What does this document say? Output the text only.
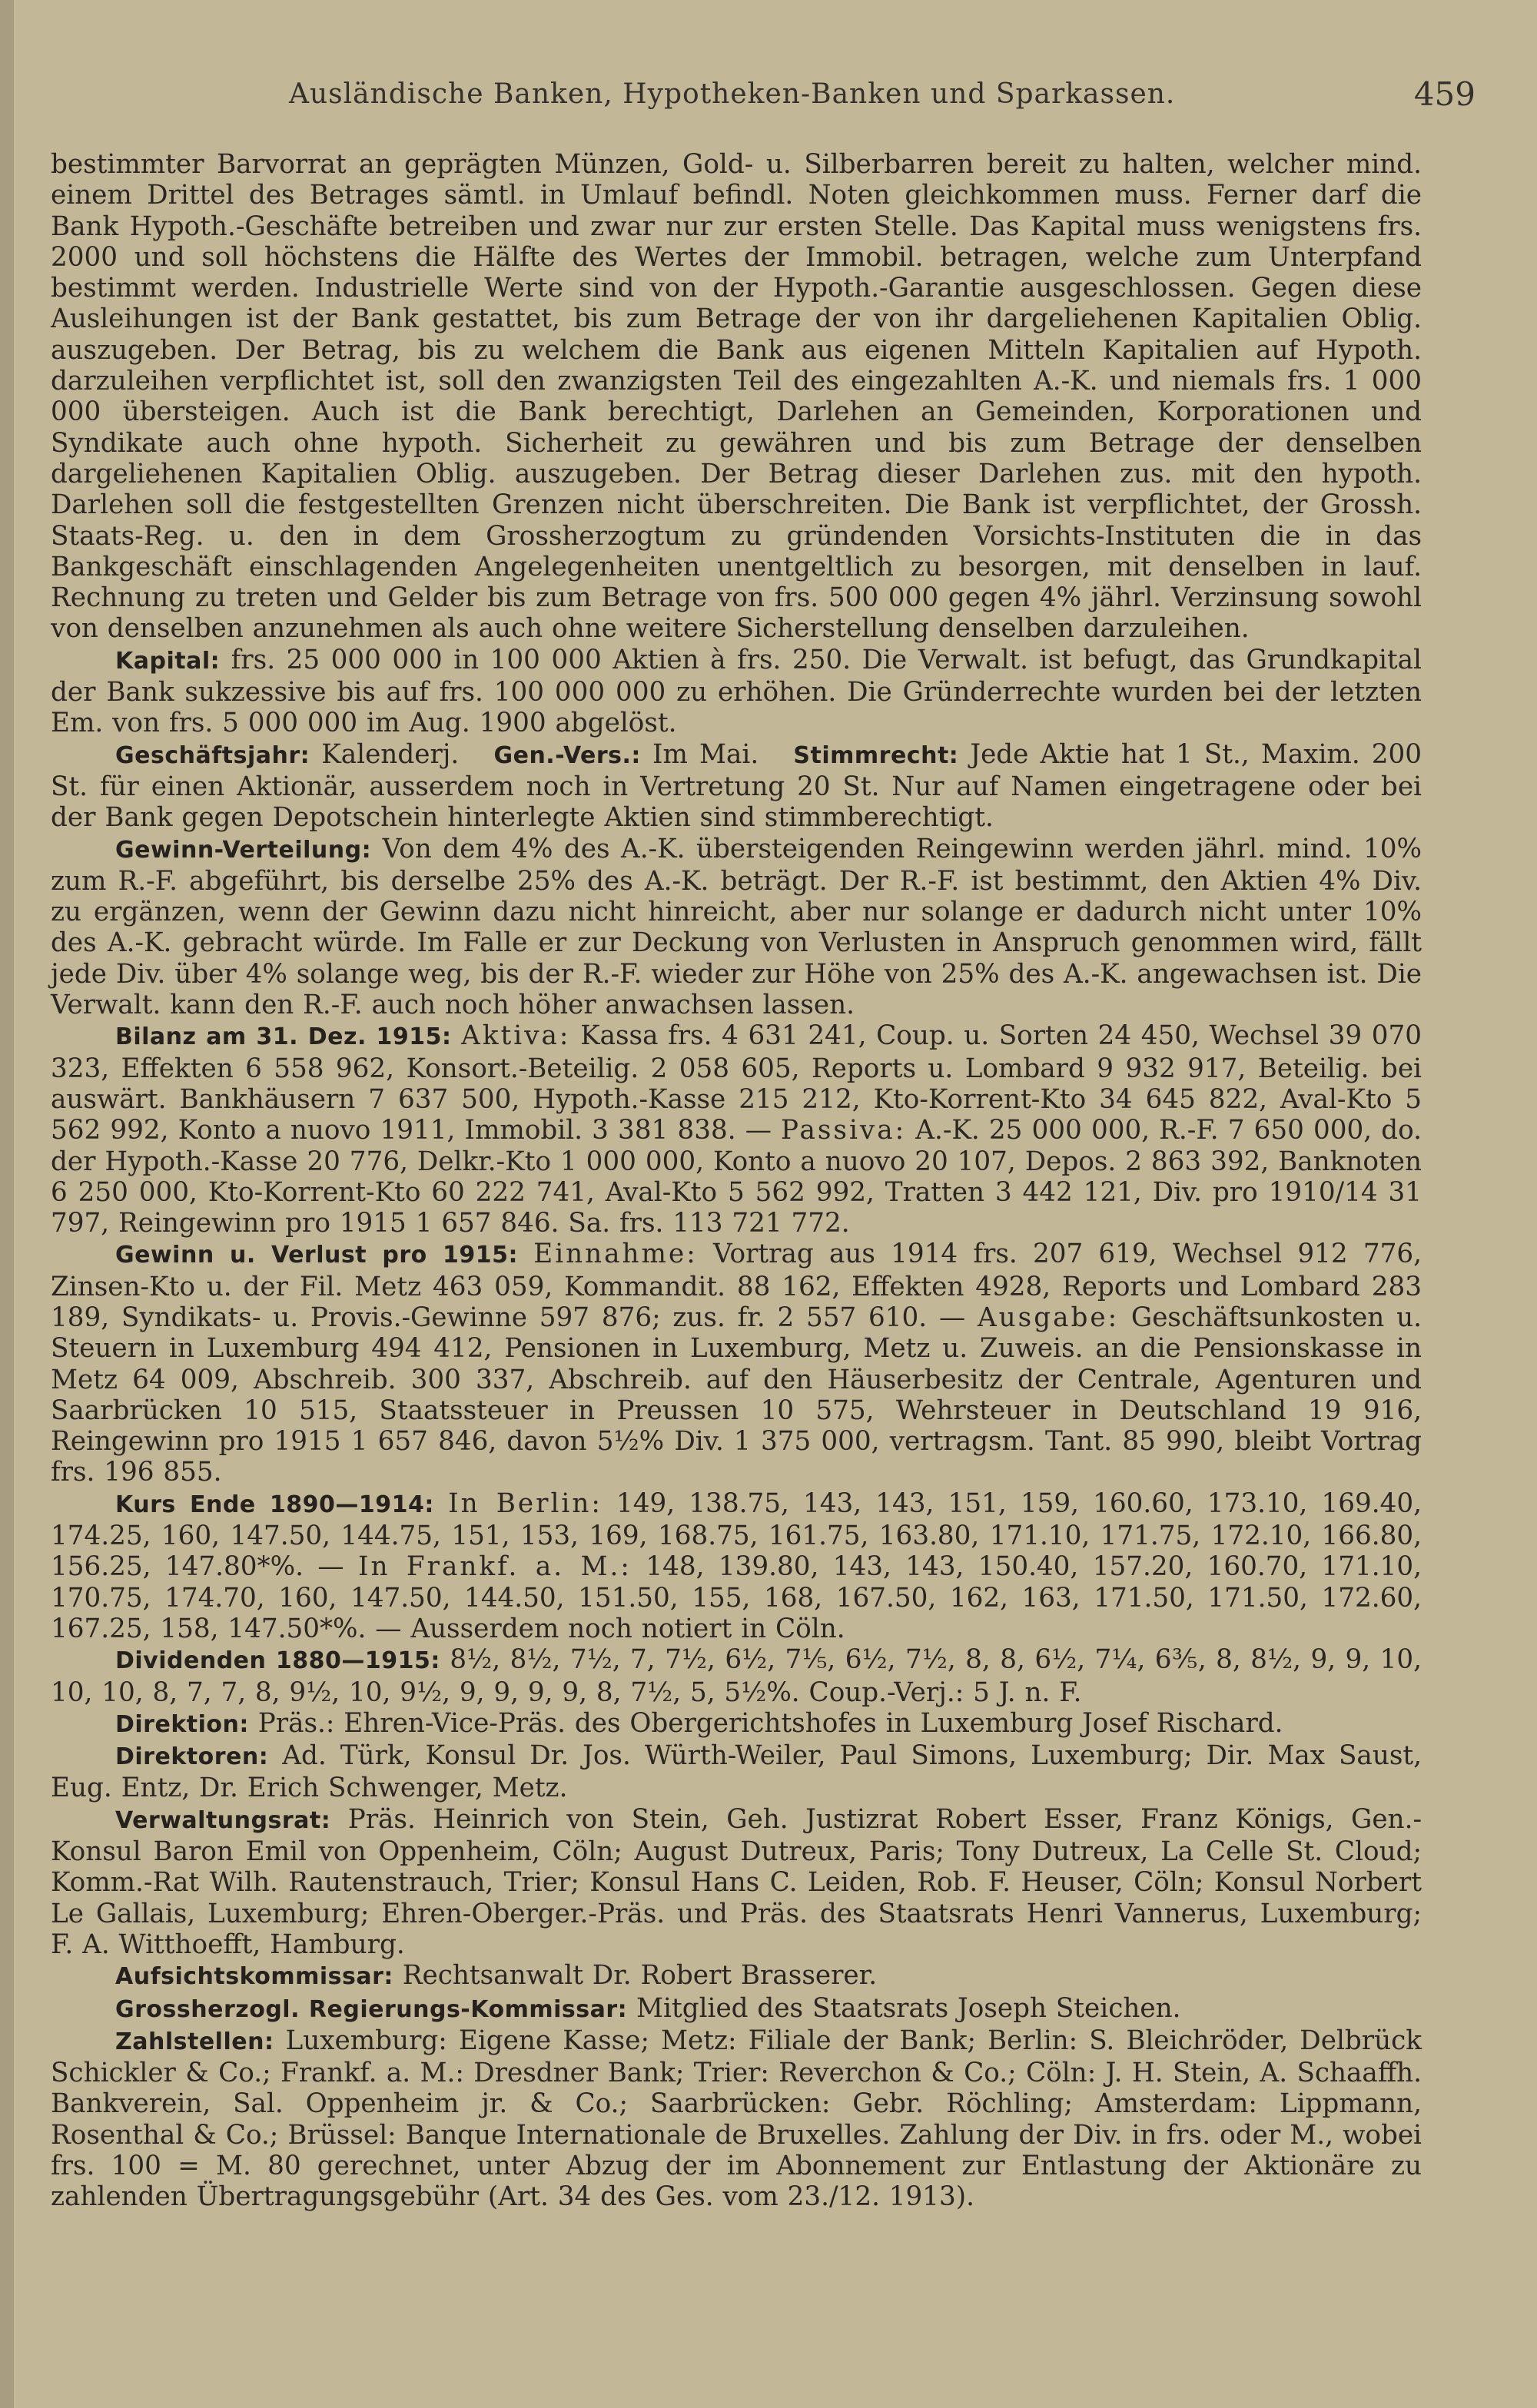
Ausländische Banken, Hypotheken-Banken und Sparkassen.	459

bestimmter Barvorrat an geprägten Münzen, Gold- u. Silberbarren bereit zu halten, welcher mind. einem Drittel des Betrages sämtl. in Umlauf befindl. Noten gleichkommen muss. Ferner darf die Bank Hypoth.-Geschäfte betreiben und zwar nur zur ersten Stelle. Das Kapital muss wenigstens frs. 2000 und soll höchstens die Hälfte des Wertes der Immobil. betragen, welche zum Unterpfand bestimmt werden. Industrielle Werte sind von der Hypoth.-Garantie ausgeschlossen. Gegen diese Ausleihungen ist der Bank gestattet, bis zum Betrage der von ihr dargeliehenen Kapitalien Oblig. auszugeben. Der Betrag, bis zu welchem die Bank aus eigenen Mitteln Kapitalien auf Hypoth. darzuleihen verpflichtet ist, soll den zwanzigsten Teil des eingezahlten A.-K. und niemals frs. 1 000 000 übersteigen. Auch ist die Bank berechtigt, Darlehen an Gemeinden, Korporationen und Syndikate auch ohne hypoth. Sicherheit zu gewähren und bis zum Betrage der denselben dargeliehenen Kapitalien Oblig. auszugeben. Der Betrag dieser Darlehen zus. mit den hypoth. Darlehen soll die festgestellten Grenzen nicht überschreiten. Die Bank ist verpflichtet, der Grossh. Staats-Reg. u. den in dem Grossherzogtum zu gründenden Vorsichts-Instituten die in das Bankgeschäft einschlagenden Angelegenheiten unentgeltlich zu besorgen, mit denselben in lauf. Rechnung zu treten und Gelder bis zum Betrage von frs. 500 000 gegen 4% jährl. Verzinsung sowohl von denselben anzunehmen als auch ohne weitere Sicherstellung denselben darzuleihen.

Kapital: frs. 25 000 000 in 100 000 Aktien à frs. 250. Die Verwalt. ist befugt, das Grundkapital der Bank sukzessive bis auf frs. 100 000 000 zu erhöhen. Die Gründerrechte wurden bei der letzten Em. von frs. 5 000 000 im Aug. 1900 abgelöst.

Geschäftsjahr: Kalenderj. Gen.-Vers.: Im Mai. Stimmrecht: Jede Aktie hat 1 St., Maxim. 200 St. für einen Aktionär, ausserdem noch in Vertretung 20 St. Nur auf Namen eingetragene oder bei der Bank gegen Depotschein hinterlegte Aktien sind stimmberechtigt.

Gewinn-Verteilung: Von dem 4% des A.-K. übersteigenden Reingewinn werden jährl. mind. 10% zum R.-F. abgeführt, bis derselbe 25% des A.-K. beträgt. Der R.-F. ist bestimmt, den Aktien 4% Div. zu ergänzen, wenn der Gewinn dazu nicht hinreicht, aber nur solange er dadurch nicht unter 10% des A.-K. gebracht würde. Im Falle er zur Deckung von Verlusten in Anspruch genommen wird, fällt jede Div. über 4% solange weg, bis der R.-F. wieder zur Höhe von 25% des A.-K. angewachsen ist. Die Verwalt. kann den R.-F. auch noch höher anwachsen lassen.

Bilanz am 31. Dez. 1915: Aktiva: Kassa frs. 4 631 241, Coup. u. Sorten 24 450, Wechsel 39 070 323, Effekten 6 558 962, Konsort.-Beteilig. 2 058 605, Reports u. Lombard 9 932 917, Beteilig. bei auswärt. Bankhäusern 7 637 500, Hypoth.-Kasse 215 212, Kto-Korrent-Kto 34 645 822, Aval-Kto 5 562 992, Konto a nuovo 1911, Immobil. 3 381 838. — Passiva: A.-K. 25 000 000, R.-F. 7 650 000, do. der Hypoth.-Kasse 20 776, Delkr.-Kto 1 000 000, Konto a nuovo 20 107, Depos. 2 863 392, Banknoten 6 250 000, Kto-Korrent-Kto 60 222 741, Aval-Kto 5 562 992, Tratten 3 442 121, Div. pro 1910/14 31 797, Reingewinn pro 1915 1 657 846. Sa. frs. 113 721 772.

Gewinn u. Verlust pro 1915: Einnahme: Vortrag aus 1914 frs. 207 619, Wechsel 912 776, Zinsen-Kto u. der Fil. Metz 463 059, Kommandit. 88 162, Effekten 4928, Reports und Lombard 283 189, Syndikats- u. Provis.-Gewinne 597 876; zus. fr. 2 557 610. — Ausgabe: Geschäftsunkosten u. Steuern in Luxemburg 494 412, Pensionen in Luxemburg, Metz u. Zuweis. an die Pensionskasse in Metz 64 009, Abschreib. 300 337, Abschreib. auf den Häuserbesitz der Centrale, Agenturen und Saarbrücken 10 515, Staatssteuer in Preussen 10 575, Wehrsteuer in Deutschland 19 916, Reingewinn pro 1915 1 657 846, davon 5½% Div. 1 375 000, vertragsm. Tant. 85 990, bleibt Vortrag frs. 196 855.

Kurs Ende 1890—1914: In Berlin: 149, 138.75, 143, 143, 151, 159, 160.60, 173.10, 169.40, 174.25, 160, 147.50, 144.75, 151, 153, 169, 168.75, 161.75, 163.80, 171.10, 171.75, 172.10, 166.80, 156.25, 147.80*%. — In Frankf. a. M.: 148, 139.80, 143, 143, 150.40, 157.20, 160.70, 171.10, 170.75, 174.70, 160, 147.50, 144.50, 151.50, 155, 168, 167.50, 162, 163, 171.50, 171.50, 172.60, 167.25, 158, 147.50*%. — Ausserdem noch notiert in Cöln.

Dividenden 1880—1915: 8½, 8½, 7½, 7, 7½, 6½, 7⅕, 6½, 7½, 8, 8, 6½, 7¼, 6⅗, 8, 8½, 9, 9, 10, 10, 10, 8, 7, 7, 8, 9½, 10, 9½, 9, 9, 9, 9, 8, 7½, 5, 5½%. Coup.-Verj.: 5 J. n. F.

Direktion: Präs.: Ehren-Vice-Präs. des Obergerichtshofes in Luxemburg Josef Rischard.

Direktoren: Ad. Türk, Konsul Dr. Jos. Würth-Weiler, Paul Simons, Luxemburg; Dir. Max Saust, Eug. Entz, Dr. Erich Schwenger, Metz.

Verwaltungsrat: Präs. Heinrich von Stein, Geh. Justizrat Robert Esser, Franz Königs, Gen.-Konsul Baron Emil von Oppenheim, Cöln; August Dutreux, Paris; Tony Dutreux, La Celle St. Cloud; Komm.-Rat Wilh. Rautenstrauch, Trier; Konsul Hans C. Leiden, Rob. F. Heuser, Cöln; Konsul Norbert Le Gallais, Luxemburg; Ehren-Oberger.-Präs. und Präs. des Staatsrats Henri Vannerus, Luxemburg; F. A. Witthoefft, Hamburg.

Aufsichtskommissar: Rechtsanwalt Dr. Robert Brasserer.

Grossherzogl. Regierungs-Kommissar: Mitglied des Staatsrats Joseph Steichen.

Zahlstellen: Luxemburg: Eigene Kasse; Metz: Filiale der Bank; Berlin: S. Bleichröder, Delbrück Schickler & Co.; Frankf. a. M.: Dresdner Bank; Trier: Reverchon & Co.; Cöln: J. H. Stein, A. Schaaffh. Bankverein, Sal. Oppenheim jr. & Co.; Saarbrücken: Gebr. Röchling; Amsterdam: Lippmann, Rosenthal & Co.; Brüssel: Banque Internationale de Bruxelles. Zahlung der Div. in frs. oder M., wobei frs. 100 = M. 80 gerechnet, unter Abzug der im Abonnement zur Entlastung der Aktionäre zu zahlenden Übertragungsgebühr (Art. 34 des Ges. vom 23./12. 1913).
